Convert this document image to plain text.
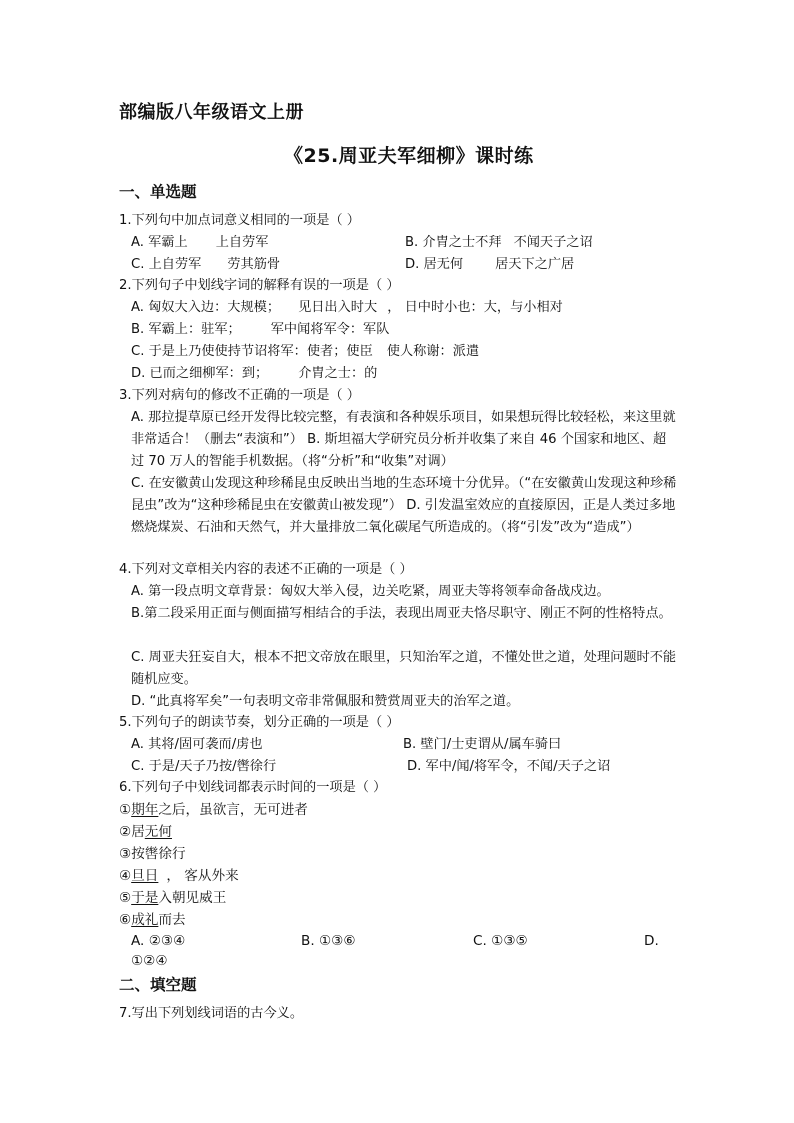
部编版八年级语文上册
《25.周亚夫军细柳》课时练
一、单选题
1.下列句中加点词意义相同的一项是（ ）
A. 军霸上 上自劳军	B. 介胄之士不拜 不闻天子之诏
C. 上自劳军 劳其筋骨	D. 居无何 居天下之广居
2.下列句子中划线字词的解释有误的一项是（ ）
A. 匈奴大入边：大规模； 见日出入时大 ， 日中时小也：大，与小相对
B. 军霸上：驻军； 军中闻将军令：军队
C. 于是上乃使使持节诏将军：使者；使臣 使人称谢：派遣
D. 已而之细柳军：到； 介胄之士：的
3.下列对病句的修改不正确的一项是（ ）
A. 那拉提草原已经开发得比较完整，有表演和各种娱乐项目，如果想玩得比较轻松，来这里就非常适合！（删去“表演和”） B. 斯坦福大学研究员分析并收集了来自 46 个国家和地区、超过 70 万人的智能手机数据。（将“分析”和“收集”对调）
C. 在安徽黄山发现这种珍稀昆虫反映出当地的生态环境十分优异。（“在安徽黄山发现这种珍稀昆虫”改为“这种珍稀昆虫在安徽黄山被发现”） D. 引发温室效应的直接原因，正是人类过多地燃烧煤炭、石油和天然气，并大量排放二氧化碳尾气所造成的。（将“引发”改为“造成”）
4.下列对文章相关内容的表述不正确的一项是（ ）
A. 第一段点明文章背景：匈奴大举入侵，边关吃紧，周亚夫等将领奉命备战戍边。
B.第二段采用正面与侧面描写相结合的手法，表现出周亚夫恪尽职守、刚正不阿的性格特点。
C. 周亚夫狂妄自大，根本不把文帝放在眼里，只知治军之道，不懂处世之道，处理问题时不能随机应变。
D. “此真将军矣”一句表明文帝非常佩服和赞赏周亚夫的治军之道。
5.下列句子的朗读节奏，划分正确的一项是（ ）
A. 其将/固可袭而/虏也	B. 壁门/士吏谓从/属车骑曰
C. 于是/天子乃按/辔徐行	D. 军中/闻/将军令，不闻/天子之诏
6.下列句子中划线词都表示时间的一项是（ ）
①期年之后，虽欲言，无可进者
②居无何
③按辔徐行
④旦日 ， 客从外来
⑤于是入朝见威王
⑥成礼而去
A. ②③④	B. ①③⑥	C. ①③⑤	D.
①②④
二、填空题
7.写出下列划线词语的古今义。
